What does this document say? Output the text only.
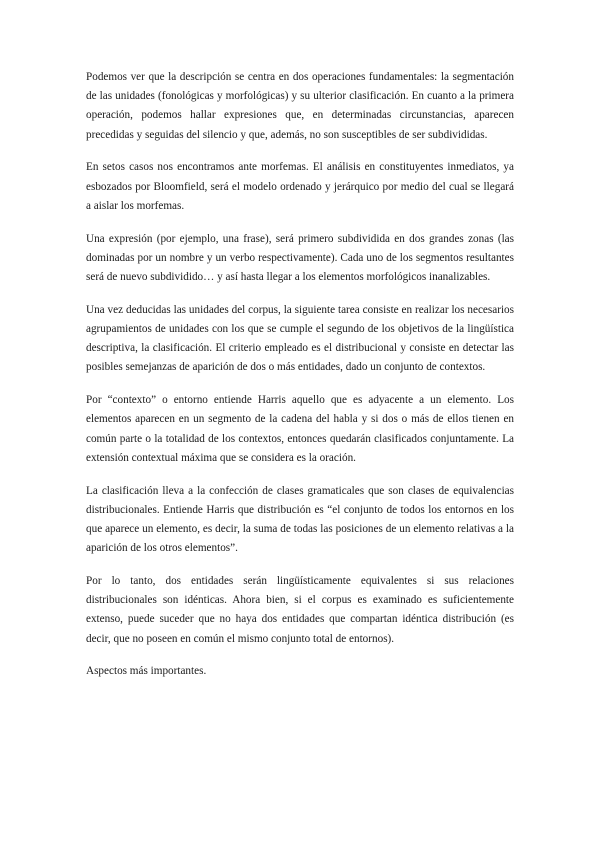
Podemos ver que la descripción se centra en dos operaciones fundamentales: la segmentación de las unidades (fonológicas y morfológicas) y su ulterior clasificación. En cuanto a la primera operación, podemos hallar expresiones que, en determinadas circunstancias, aparecen precedidas y seguidas del silencio y que, además, no son susceptibles de ser subdivididas.

En setos casos nos encontramos ante morfemas. El análisis en constituyentes inmediatos, ya esbozados por Bloomfield, será el modelo ordenado y jerárquico por medio del cual se llegará a aislar los morfemas.

Una expresión (por ejemplo, una frase), será primero subdividida en dos grandes zonas (las dominadas por un nombre y un verbo respectivamente). Cada uno de los segmentos resultantes será de nuevo subdividido… y así hasta llegar a los elementos morfológicos inanalizables.

Una vez deducidas las unidades del corpus, la siguiente tarea consiste en realizar los necesarios agrupamientos de unidades con los que se cumple el segundo de los objetivos de la lingüística descriptiva, la clasificación. El criterio empleado es el distribucional y consiste en detectar las posibles semejanzas de aparición de dos o más entidades, dado un conjunto de contextos.

Por “contexto” o entorno entiende Harris aquello que es adyacente a un elemento. Los elementos aparecen en un segmento de la cadena del habla y si dos o más de ellos tienen en común parte o la totalidad de los contextos, entonces quedarán clasificados conjuntamente. La extensión contextual máxima que se considera es la oración.

La clasificación lleva a la confección de clases gramaticales que son clases de equivalencias distribucionales. Entiende Harris que distribución es “el conjunto de todos los entornos en los que aparece un elemento, es decir, la suma de todas las posiciones de un elemento relativas a la aparición de los otros elementos”.

Por lo tanto, dos entidades serán lingüísticamente equivalentes si sus relaciones distribucionales son idénticas. Ahora bien, si el corpus es examinado es suficientemente extenso, puede suceder que no haya dos entidades que compartan idéntica distribución (es decir, que no poseen en común el mismo conjunto total de entornos).

Aspectos más importantes.
